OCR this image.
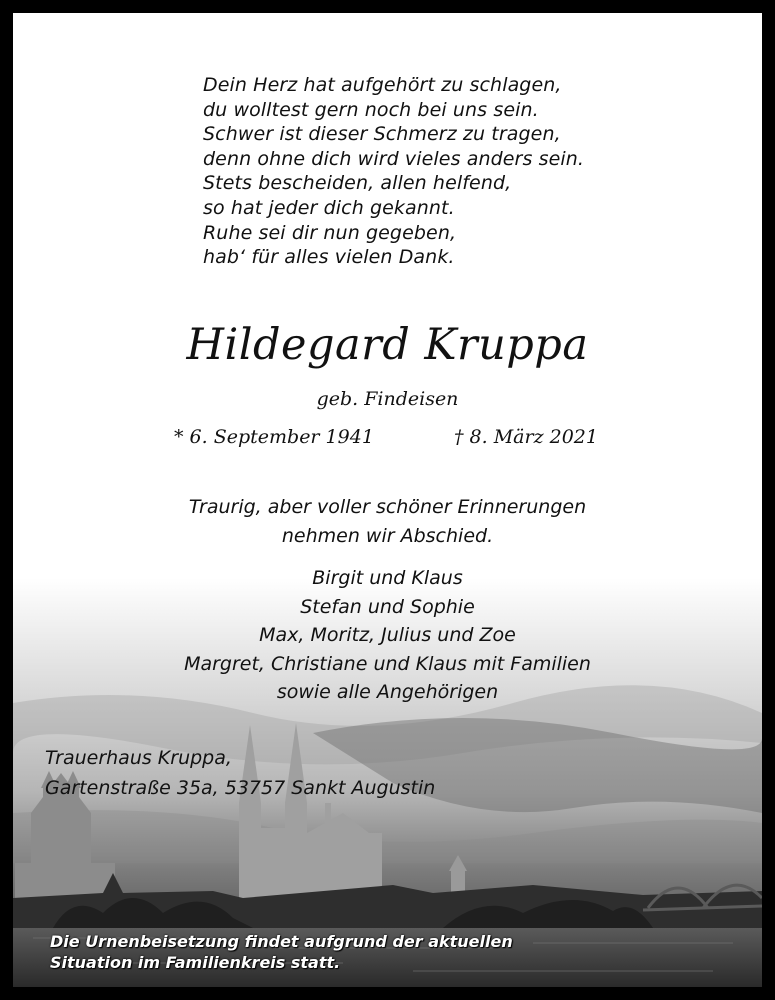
Dein Herz hat aufgehört zu schlagen,
du wolltest gern noch bei uns sein.
Schwer ist dieser Schmerz zu tragen,
denn ohne dich wird vieles anders sein.
Stets bescheiden, allen helfend,
so hat jeder dich gekannt.
Ruhe sei dir nun gegeben,
hab‘ für alles vielen Dank.
Hildegard Kruppa
geb. Findeisen
* 6. September 1941	† 8. März 2021
Traurig, aber voller schöner Erinnerungen
nehmen wir Abschied.
Birgit und Klaus
Stefan und Sophie
Max, Moritz, Julius und Zoe
Margret, Christiane und Klaus mit Familien
sowie alle Angehörigen
Trauerhaus Kruppa,
Gartenstraße 35a, 53757 Sankt Augustin
Die Urnenbeisetzung findet aufgrund der aktuellen
Situation im Familienkreis statt.
